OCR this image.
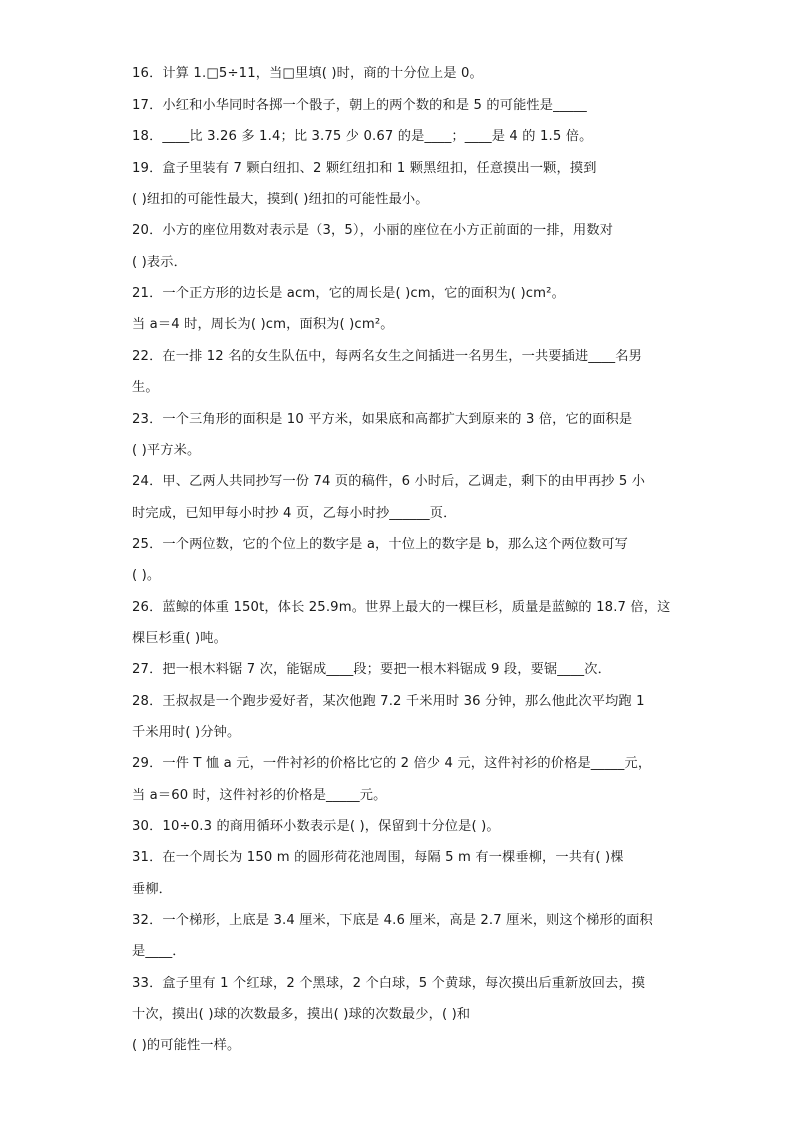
16．计算 1.□5÷11，当□里填( )时，商的十分位上是 0。
17．小红和小华同时各掷一个骰子，朝上的两个数的和是 5 的可能性是_____
18．____比 3.26 多 1.4；比 3.75 少 0.67 的是____；____是 4 的 1.5 倍。
19．盒子里装有 7 颗白纽扣、2 颗红纽扣和 1 颗黑纽扣，任意摸出一颗，摸到
( )纽扣的可能性最大，摸到( )纽扣的可能性最小。
20．小方的座位用数对表示是（3，5），小丽的座位在小方正前面的一排，用数对
( )表示．
21．一个正方形的边长是 acm，它的周长是( )cm，它的面积为( )cm²。
当 a＝4 时，周长为( )cm，面积为( )cm²。
22．在一排 12 名的女生队伍中，每两名女生之间插进一名男生，一共要插进____名男
生。
23．一个三角形的面积是 10 平方米，如果底和高都扩大到原来的 3 倍，它的面积是
( )平方米。
24．甲、乙两人共同抄写一份 74 页的稿件，6 小时后，乙调走，剩下的由甲再抄 5 小
时完成，已知甲每小时抄 4 页，乙每小时抄______页．
25．一个两位数，它的个位上的数字是 a，十位上的数字是 b，那么这个两位数可写
( )。
26．蓝鲸的体重 150t，体长 25.9m。世界上最大的一棵巨杉，质量是蓝鲸的 18.7 倍，这
棵巨杉重( )吨。
27．把一根木料锯 7 次，能锯成____段；要把一根木料锯成 9 段，要锯____次．
28．王叔叔是一个跑步爱好者，某次他跑 7.2 千米用时 36 分钟，那么他此次平均跑 1
千米用时( )分钟。
29．一件 T 恤 a 元，一件衬衫的价格比它的 2 倍少 4 元，这件衬衫的价格是_____元，
当 a＝60 时，这件衬衫的价格是_____元。
30．10÷0.3 的商用循环小数表示是( )，保留到十分位是( )。
31．在一个周长为 150 m 的圆形荷花池周围，每隔 5 m 有一棵垂柳，一共有( )棵
垂柳．
32．一个梯形，上底是 3.4 厘米，下底是 4.6 厘米，高是 2.7 厘米，则这个梯形的面积
是____．
33．盒子里有 1 个红球，2 个黑球，2 个白球，5 个黄球，每次摸出后重新放回去，摸
十次，摸出( )球的次数最多，摸出( )球的次数最少，( )和
( )的可能性一样。
